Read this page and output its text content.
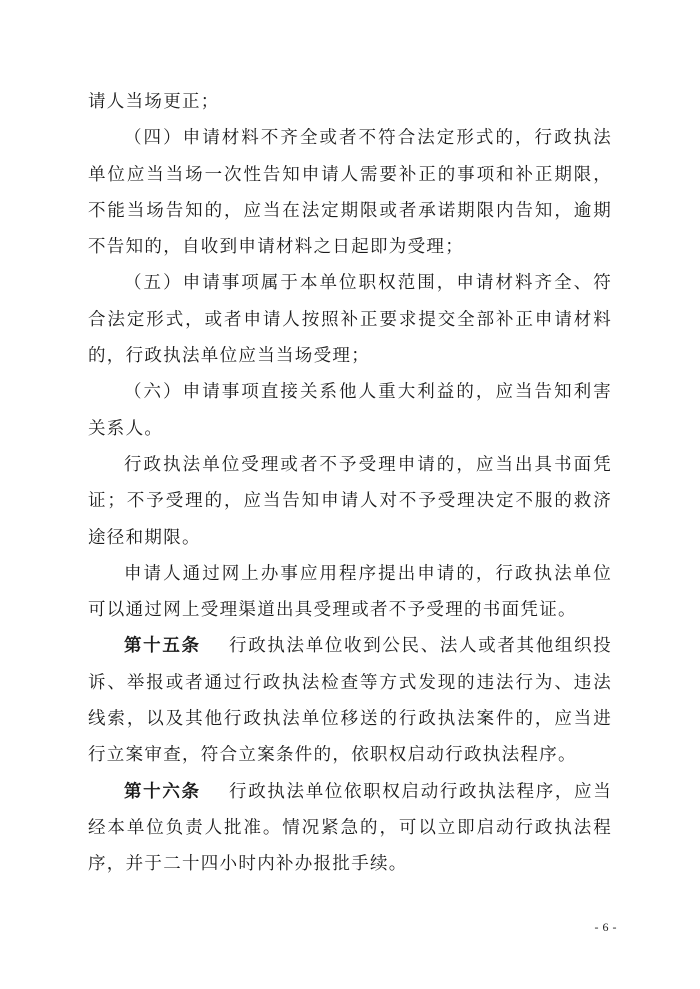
请人当场更正；

（四）申请材料不齐全或者不符合法定形式的，行政执法单位应当当场一次性告知申请人需要补正的事项和补正期限，不能当场告知的，应当在法定期限或者承诺期限内告知，逾期不告知的，自收到申请材料之日起即为受理；

（五）申请事项属于本单位职权范围，申请材料齐全、符合法定形式，或者申请人按照补正要求提交全部补正申请材料的，行政执法单位应当当场受理；

（六）申请事项直接关系他人重大利益的，应当告知利害关系人。

行政执法单位受理或者不予受理申请的，应当出具书面凭证；不予受理的，应当告知申请人对不予受理决定不服的救济途径和期限。

申请人通过网上办事应用程序提出申请的，行政执法单位可以通过网上受理渠道出具受理或者不予受理的书面凭证。

第十五条 行政执法单位收到公民、法人或者其他组织投诉、举报或者通过行政执法检查等方式发现的违法行为、违法线索，以及其他行政执法单位移送的行政执法案件的，应当进行立案审查，符合立案条件的，依职权启动行政执法程序。

第十六条 行政执法单位依职权启动行政执法程序，应当经本单位负责人批准。情况紧急的，可以立即启动行政执法程序，并于二十四小时内补办报批手续。

- 6 -
